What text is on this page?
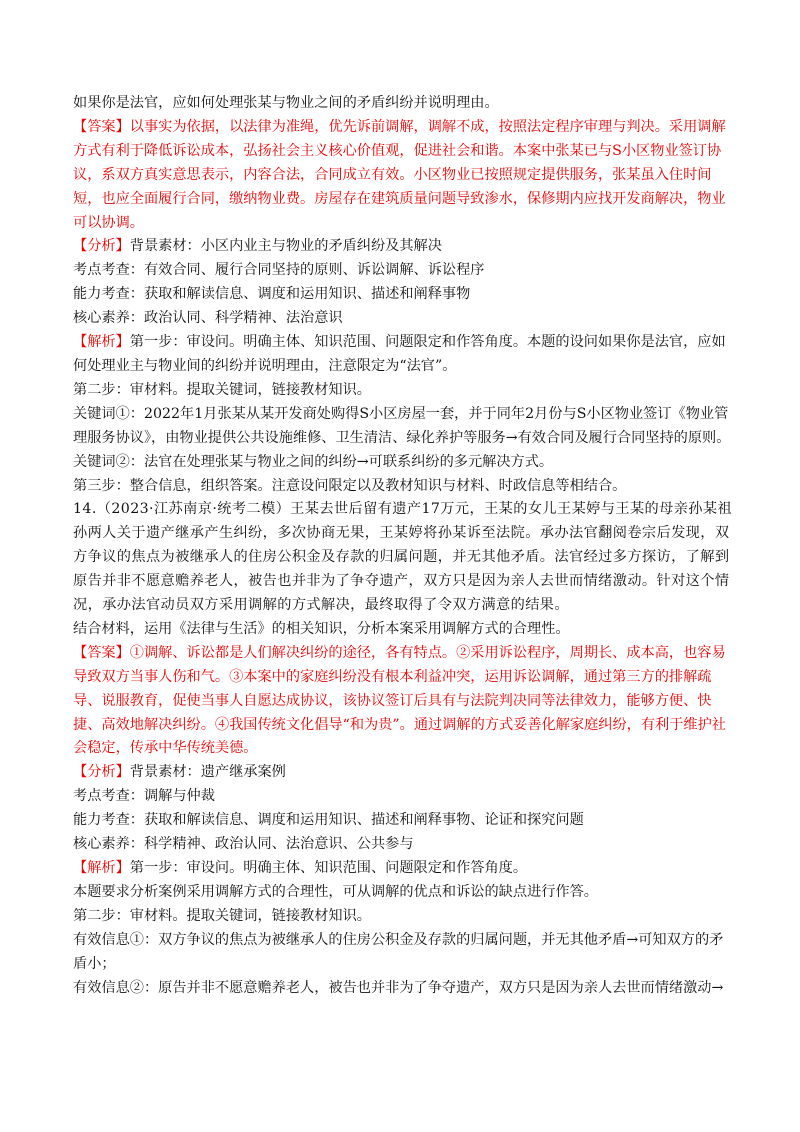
如果你是法官，应如何处理张某与物业之间的矛盾纠纷并说明理由。

【答案】以事实为依据，以法律为准绳，优先诉前调解，调解不成，按照法定程序审理与判决。采用调解方式有利于降低诉讼成本，弘扬社会主义核心价值观，促进社会和谐。本案中张某已与S小区物业签订协议，系双方真实意思表示，内容合法，合同成立有效。小区物业已按照规定提供服务，张某虽入住时间短，也应全面履行合同，缴纳物业费。房屋存在建筑质量问题导致渗水，保修期内应找开发商解决，物业可以协调。

【分析】背景素材：小区内业主与物业的矛盾纠纷及其解决

考点考查：有效合同、履行合同坚持的原则、诉讼调解、诉讼程序

能力考查：获取和解读信息、调度和运用知识、描述和阐释事物

核心素养：政治认同、科学精神、法治意识

【解析】第一步：审设问。明确主体、知识范围、问题限定和作答角度。本题的设问如果你是法官，应如何处理业主与物业间的纠纷并说明理由，注意限定为“法官”。

第二步：审材料。提取关键词，链接教材知识。

关键词①：2022年1月张某从某开发商处购得S小区房屋一套，并于同年2月份与S小区物业签订《物业管理服务协议》，由物业提供公共设施维修、卫生清洁、绿化养护等服务→有效合同及履行合同坚持的原则。

关键词②：法官在处理张某与物业之间的纠纷→可联系纠纷的多元解决方式。

第三步：整合信息，组织答案。注意设问限定以及教材知识与材料、时政信息等相结合。

14.（2023·江苏南京·统考二模）王某去世后留有遗产17万元，王某的女儿王某婷与王某的母亲孙某祖孙两人关于遗产继承产生纠纷，多次协商无果，王某婷将孙某诉至法院。承办法官翻阅卷宗后发现，双方争议的焦点为被继承人的住房公积金及存款的归属问题，并无其他矛盾。法官经过多方探访，了解到原告并非不愿意赡养老人，被告也并非为了争夺遗产，双方只是因为亲人去世而情绪激动。针对这个情况，承办法官动员双方采用调解的方式解决，最终取得了令双方满意的结果。

结合材料，运用《法律与生活》的相关知识，分析本案采用调解方式的合理性。

【答案】①调解、诉讼都是人们解决纠纷的途径，各有特点。②采用诉讼程序，周期长、成本高，也容易导致双方当事人伤和气。③本案中的家庭纠纷没有根本利益冲突，运用诉讼调解，通过第三方的排解疏导、说服教育，促使当事人自愿达成协议，该协议签订后具有与法院判决同等法律效力，能够方便、快捷、高效地解决纠纷。④我国传统文化倡导“和为贵”。通过调解的方式妥善化解家庭纠纷，有利于维护社会稳定，传承中华传统美德。

【分析】背景素材：遗产继承案例

考点考查：调解与仲裁

能力考查：获取和解读信息、调度和运用知识、描述和阐释事物、论证和探究问题

核心素养：科学精神、政治认同、法治意识、公共参与

【解析】第一步：审设问。明确主体、知识范围、问题限定和作答角度。

本题要求分析案例采用调解方式的合理性，可从调解的优点和诉讼的缺点进行作答。

第二步：审材料。提取关键词，链接教材知识。

有效信息①：双方争议的焦点为被继承人的住房公积金及存款的归属问题，并无其他矛盾→可知双方的矛盾小；

有效信息②：原告并非不愿意赡养老人，被告也并非为了争夺遗产，双方只是因为亲人去世而情绪激动→
